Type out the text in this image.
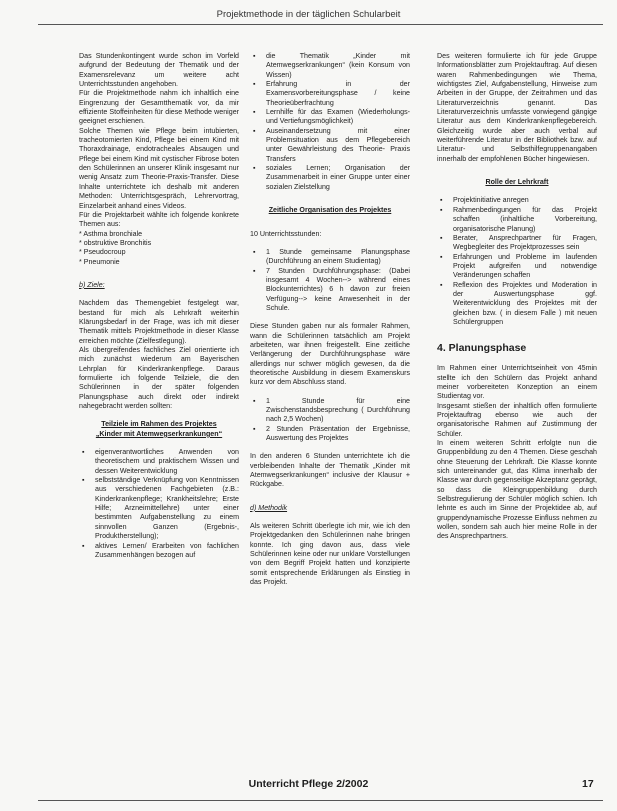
Projektmethode in der täglichen Schularbeit

Das Stundenkontingent wurde schon im Vorfeld aufgrund der Bedeutung der Thematik und der Examensrelevanz um weitere acht Unterrichtsstunden angehoben.

Für die Projektmethode nahm ich inhaltlich eine Eingrenzung der Gesamtthematik vor, da mir effiziente Stoffeinheiten für diese Methode weniger geeignet erschienen.

Solche Themen wie Pflege beim intubierten, tracheotomierten Kind, Pflege bei einem Kind mit Thoraxdrainage, endotracheales Absaugen und Pflege bei einem Kind mit cystischer Fibrose boten den Schülerinnen an unserer Klinik insgesamt nur wenig Ansatz zum Theorie-Praxis-Transfer. Diese Inhalte unterrichtete ich deshalb mit anderen Methoden: Unterrichtsgespräch, Lehrervortrag, Einzelarbeit anhand eines Videos.

Für die Projektarbeit wählte ich folgende konkrete Themen aus:

* Asthma bronchiale

* obstruktive Bronchitis

* Pseudocroup

* Pneumonie

b) Ziele:

Nachdem das Themengebiet festgelegt war, bestand für mich als Lehrkraft weiterhin Klärungsbedarf in der Frage, was ich mit dieser Thematik mittels Projektmethode in dieser Klasse erreichen möchte (Zielfestlegung).

Als übergreifendes fachliches Ziel orientierte ich mich zunächst wiederum am Bayerischen Lehrplan für Kinderkrankenpflege. Daraus formulierte ich folgende Teilziele, die den Schülerinnen in der später folgenden Planungsphase auch direkt oder indirekt nahegebracht werden sollten:

Teilziele im Rahmen des Projektes

„Kinder mit Atemwegserkrankungen“

▪ eigenverantwortliches Anwenden von theoretischem und praktischem Wissen und dessen Weiterentwicklung
▪ selbstständige Verknüpfung von Kenntnissen aus verschiedenen Fachgebieten (z.B.: Kinderkrankenpflege; Krankheitslehre; Erste Hilfe; Arzneimittellehre) unter einer bestimmten Aufgabenstellung zu einem sinnvollen Ganzen (Ergebnis-, Produktherstellung);
▪ aktives Lernen/ Erarbeiten von fachlichen Zusammenhängen bezogen auf
▪ die Thematik „Kinder mit Atemwegserkrankungen“ (kein Konsum von Wissen)
▪ Erfahrung in der Examensvorbereitungsphase / keine Theorieüberfrachtung
▪ Lernhilfe für das Examen (Wiederholungs- und Vertiefungsmöglichkeit)
▪ Auseinandersetzung mit einer Problemsituation aus dem Pflegebereich unter Gewährleistung des Theorie- Praxis Transfers
▪ soziales Lernen; Organisation der Zusammenarbeit in einer Gruppe unter einer sozialen Zielstellung

Zeitliche Organisation des Projektes

10 Unterrichtsstunden:

▪ 1 Stunde gemeinsame Planungsphase (Durchführung an einem Studientag)
▪ 7 Stunden Durchführungsphase: (Dabei insgesamt 4 Wochen--> während eines Blockunterrichtes) 6 h davon zur freien Verfügung--> keine Anwesenheit in der Schule.

Diese Stunden gaben nur als formaler Rahmen, wann die Schülerinnen tatsächlich am Projekt arbeiteten, war ihnen freigestellt. Eine zeitliche Verlängerung der Durchführungsphase wäre allerdings nur schwer möglich gewesen, da die theoretische Ausbildung in diesem Examenskurs kurz vor dem Abschluss stand.

▪ 1 Stunde für eine Zwischenstandsbesprechung ( Durchführung nach 2,5 Wochen)
▪ 2 Stunden Präsentation der Ergebnisse, Auswertung des Projektes

In den anderen 6 Stunden unterrichtete ich die verbleibenden Inhalte der Thematik „Kinder mit Atemwegserkrankungen“ inclusive der Klausur + Rückgabe.

d) Methodik

Als weiteren Schritt überlegte ich mir, wie ich den Projektgedanken den Schülerinnen nahe bringen konnte. Ich ging davon aus, dass viele Schülerinnen keine oder nur unklare Vorstellungen von dem Begriff Projekt hatten und konzipierte somit entsprechende Erklärungen als Einstieg in das Projekt.

Des weiteren formulierte ich für jede Gruppe Informationsblätter zum Projektauftrag. Auf diesen waren Rahmenbedingungen wie Thema, wichtigstes Ziel, Aufgabenstellung, Hinweise zum Arbeiten in der Gruppe, der Zeitrahmen und das Literaturverzeichnis genannt. Das Literaturverzeichnis umfasste vorwiegend gängige Literatur aus dem Kinderkrankenpflegebereich. Gleichzeitig wurde aber auch verbal auf weiterführende Literatur in der Bibliothek bzw. auf Literatur- und Selbsthilfegruppenangaben innerhalb der empfohlenen Bücher hingewiesen.

Rolle der Lehrkraft

▪ Projektinitiative anregen
▪ Rahmenbedingungen für das Projekt schaffen (inhaltliche Vorbereitung, organisatorische Planung)
▪ Berater, Ansprechpartner für Fragen, Wegbegleiter des Projektprozesses sein
▪ Erfahrungen und Probleme im laufenden Projekt aufgreifen und notwendige Veränderungen schaffen
▪ Reflexion des Projektes und Moderation in der Auswertungsphase ggf. Weiterentwicklung des Projektes mit der gleichen bzw. ( in diesem Falle ) mit neuen Schülergruppen

4. Planungsphase

Im Rahmen einer Unterrichtseinheit von 45min stellte ich den Schülern das Projekt anhand meiner vorbereiteten Konzeption an einem Studientag vor.

Insgesamt stießen der inhaltlich offen formulierte Projektauftrag ebenso wie auch der organisatorische Rahmen auf Zustimmung der Schüler.

In einem weiteren Schritt erfolgte nun die Gruppenbildung zu den 4 Themen. Diese geschah ohne Steuerung der Lehrkraft. Die Klasse konnte sich untereinander gut, das Klima innerhalb der Klasse war durch gegenseitige Akzeptanz geprägt, so dass die Kleingruppenbildung durch Selbstregulierung der Schüler möglich schien. Ich lehnte es auch im Sinne der Projektidee ab, auf gruppendynamische Prozesse Einfluss nehmen zu wollen, sondern sah auch hier meine Rolle in der des Ansprechpartners.

Unterricht Pflege 2/2002	17
